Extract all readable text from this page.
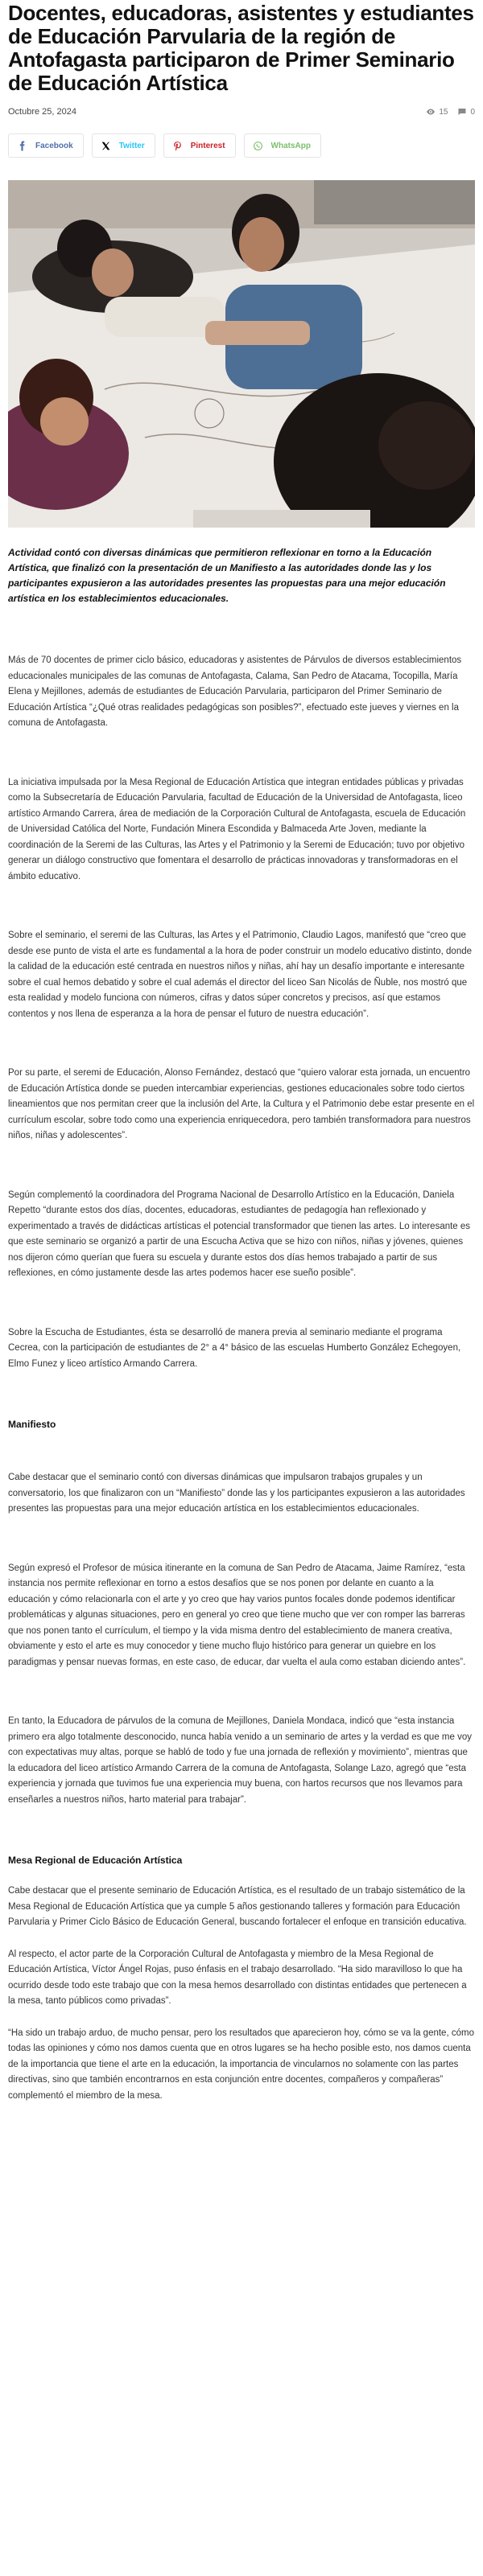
Docentes, educadoras, asistentes y estudiantes de Educación Parvularia de la región de Antofagasta participaron de Primer Seminario de Educación Artística
Octubre 25, 2024	15	0
Facebook	Twitter	Pinterest	WhatsApp

Actividad contó con diversas dinámicas que permitieron reflexionar en torno a la Educación Artística, que finalizó con la presentación de un Manifiesto a las autoridades donde las y los participantes expusieron a las autoridades presentes las propuestas para una mejor educación artística en los establecimientos educacionales.

Más de 70 docentes de primer ciclo básico, educadoras y asistentes de Párvulos de diversos establecimientos educacionales municipales de las comunas de Antofagasta, Calama, San Pedro de Atacama, Tocopilla, María Elena y Mejillones, además de estudiantes de Educación Parvularia, participaron del Primer Seminario de Educación Artística “¿Qué otras realidades pedagógicas son posibles?”, efectuado este jueves y viernes en la comuna de Antofagasta.

La iniciativa impulsada por la Mesa Regional de Educación Artística que integran entidades públicas y privadas como la Subsecretaría de Educación Parvularia, facultad de Educación de la Universidad de Antofagasta, liceo artístico Armando Carrera, área de mediación de la Corporación Cultural de Antofagasta, escuela de Educación de Universidad Católica del Norte, Fundación Minera Escondida y Balmaceda Arte Joven, mediante la coordinación de la Seremi de las Culturas, las Artes y el Patrimonio y la Seremi de Educación; tuvo por objetivo generar un diálogo constructivo que fomentara el desarrollo de prácticas innovadoras y transformadoras en el ámbito educativo.

Sobre el seminario, el seremi de las Culturas, las Artes y el Patrimonio, Claudio Lagos, manifestó que “creo que desde ese punto de vista el arte es fundamental a la hora de poder construir un modelo educativo distinto, donde la calidad de la educación esté centrada en nuestros niños y niñas, ahí hay un desafío importante e interesante sobre el cual hemos debatido y sobre el cual además el director del liceo San Nicolás de Ñuble, nos mostró que esta realidad y modelo funciona con números, cifras y datos súper concretos y precisos, así que estamos contentos y nos llena de esperanza a la hora de pensar el futuro de nuestra educación”.

Por su parte, el seremi de Educación, Alonso Fernández, destacó que “quiero valorar esta jornada, un encuentro de Educación Artística donde se pueden intercambiar experiencias, gestiones educacionales sobre todo ciertos lineamientos que nos permitan creer que la inclusión del Arte, la Cultura y el Patrimonio debe estar presente en el currículum escolar, sobre todo como una experiencia enriquecedora, pero también transformadora para nuestros niños, niñas y adolescentes”.

Según complementó la coordinadora del Programa Nacional de Desarrollo Artístico en la Educación, Daniela Repetto “durante estos dos días, docentes, educadoras, estudiantes de pedagogía han reflexionado y experimentado a través de didácticas artísticas el potencial transformador que tienen las artes. Lo interesante es que este seminario se organizó a partir de una Escucha Activa que se hizo con niños, niñas y jóvenes, quienes nos dijeron cómo querían que fuera su escuela y durante estos dos días hemos trabajado a partir de sus reflexiones, en cómo justamente desde las artes podemos hacer ese sueño posible”.

Sobre la Escucha de Estudiantes, ésta se desarrolló de manera previa al seminario mediante el programa Cecrea, con la participación de estudiantes de 2° a 4° básico de las escuelas Humberto González Echegoyen, Elmo Funez y liceo artístico Armando Carrera.

Manifiesto

Cabe destacar que el seminario contó con diversas dinámicas que impulsaron trabajos grupales y un conversatorio, los que finalizaron con un “Manifiesto” donde las y los participantes expusieron a las autoridades presentes las propuestas para una mejor educación artística en los establecimientos educacionales.

Según expresó el Profesor de música itinerante en la comuna de San Pedro de Atacama, Jaime Ramírez, “esta instancia nos permite reflexionar en torno a estos desafíos que se nos ponen por delante en cuanto a la educación y cómo relacionarla con el arte y yo creo que hay varios puntos focales donde podemos identificar problemáticas y algunas situaciones, pero en general yo creo que tiene mucho que ver con romper las barreras que nos ponen tanto el currículum, el tiempo y la vida misma dentro del establecimiento de manera creativa, obviamente y esto el arte es muy conocedor y tiene mucho flujo histórico para generar un quiebre en los paradigmas y pensar nuevas formas, en este caso, de educar, dar vuelta el aula como estaban diciendo antes”.

En tanto, la Educadora de párvulos de la comuna de Mejillones, Daniela Mondaca, indicó que “esta instancia primero era algo totalmente desconocido, nunca había venido a un seminario de artes y la verdad es que me voy con expectativas muy altas, porque se habló de todo y fue una jornada de reflexión y movimiento”, mientras que la educadora del liceo artístico Armando Carrera de la comuna de Antofagasta, Solange Lazo, agregó que “esta experiencia y jornada que tuvimos fue una experiencia muy buena, con hartos recursos que nos llevamos para enseñarles a nuestros niños, harto material para trabajar”.

Mesa Regional de Educación Artística

Cabe destacar que el presente seminario de Educación Artística, es el resultado de un trabajo sistemático de la Mesa Regional de Educación Artística que ya cumple 5 años gestionando talleres y formación para Educación Parvularia y Primer Ciclo Básico de Educación General, buscando fortalecer el enfoque en transición educativa.

Al respecto, el actor parte de la Corporación Cultural de Antofagasta y miembro de la Mesa Regional de Educación Artística, Víctor Ángel Rojas, puso énfasis en el trabajo desarrollado. “Ha sido maravilloso lo que ha ocurrido desde todo este trabajo que con la mesa hemos desarrollado con distintas entidades que pertenecen a la mesa, tanto públicos como privadas”.

“Ha sido un trabajo arduo, de mucho pensar, pero los resultados que aparecieron hoy, cómo se va la gente, cómo todas las opiniones y cómo nos damos cuenta que en otros lugares se ha hecho posible esto, nos damos cuenta de la importancia que tiene el arte en la educación, la importancia de vincularnos no solamente con las partes directivas, sino que también encontrarnos en esta conjunción entre docentes, compañeros y compañeras” complementó el miembro de la mesa.
